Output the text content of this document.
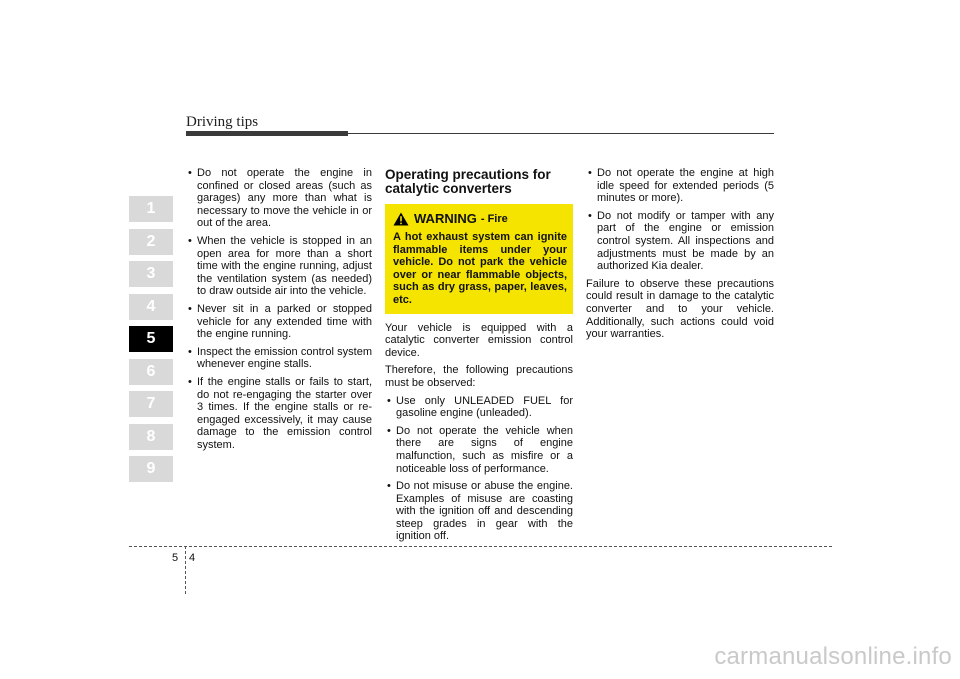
Driving tips
1
2
3
4
5
6
7
8
9
• Do not operate the engine in confined or closed areas (such as garages) any more than what is necessary to move the vehicle in or out of the area.
• When the vehicle is stopped in an open area for more than a short time with the engine running, adjust the ventilation system (as needed) to draw outside air into the vehicle.
• Never sit in a parked or stopped vehicle for any extended time with the engine running.
• Inspect the emission control system whenever engine stalls.
• If the engine stalls or fails to start, do not re-engaging the starter over 3 times. If the engine stalls or re-engaged excessively, it may cause damage to the emission control system.
Operating precautions for catalytic converters
WARNING - Fire
A hot exhaust system can ignite flammable items under your vehicle. Do not park the vehicle over or near flammable objects, such as dry grass, paper, leaves, etc.

Your vehicle is equipped with a catalytic converter emission control device.

Therefore, the following precautions must be observed:

• Use only UNLEADED FUEL for gasoline engine (unleaded).
• Do not operate the vehicle when there are signs of engine malfunction, such as misfire or a noticeable loss of performance.
• Do not misuse or abuse the engine. Examples of misuse are coasting with the ignition off and descending steep grades in gear with the ignition off.
• Do not operate the engine at high idle speed for extended periods (5 minutes or more).
• Do not modify or tamper with any part of the engine or emission control system. All inspections and adjustments must be made by an authorized Kia dealer.

Failure to observe these precautions could result in damage to the catalytic converter and to your vehicle. Additionally, such actions could void your warranties.

5 4
carmanualsonline.info
